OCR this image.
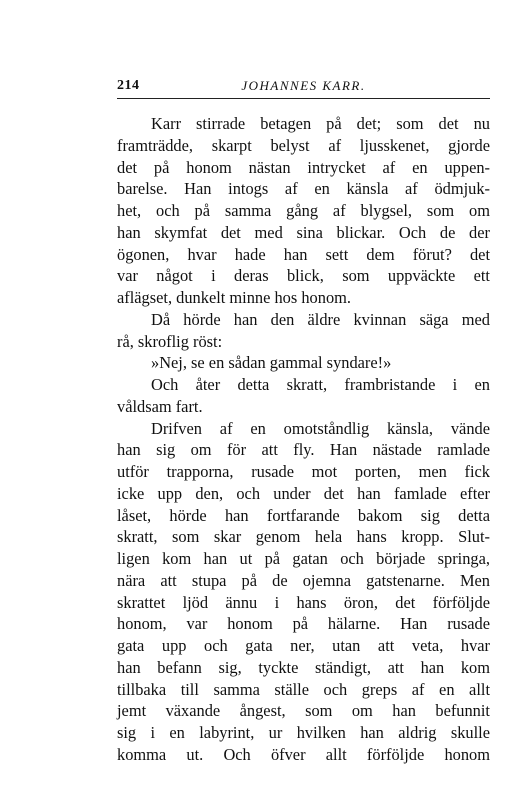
214	JOHANNES KARR.
Karr stirrade betagen på det; som det nu
framträdde, skarpt belyst af ljusskenet, gjorde
det på honom nästan intrycket af en uppen-
barelse. Han intogs af en känsla af ödmjuk-
het, och på samma gång af blygsel, som om
han skymfat det med sina blickar. Och de der
ögonen, hvar hade han sett dem förut? det
var något i deras blick, som uppväckte ett
aflägset, dunkelt minne hos honom.
Då hörde han den äldre kvinnan säga med
rå, skroflig röst:
»Nej, se en sådan gammal syndare!»
Och åter detta skratt, frambristande i en
våldsam fart.
Drifven af en omotståndlig känsla, vände
han sig om för att fly. Han nästade ramlade
utför trapporna, rusade mot porten, men fick
icke upp den, och under det han famlade efter
låset, hörde han fortfarande bakom sig detta
skratt, som skar genom hela hans kropp. Slut-
ligen kom han ut på gatan och började springa,
nära att stupa på de ojemna gatstenarne. Men
skrattet ljöd ännu i hans öron, det förföljde
honom, var honom på hälarne. Han rusade
gata upp och gata ner, utan att veta, hvar
han befann sig, tyckte ständigt, att han kom
tillbaka till samma ställe och greps af en allt
jemt växande ångest, som om han befunnit
sig i en labyrint, ur hvilken han aldrig skulle
komma ut. Och öfver allt förföljde honom
